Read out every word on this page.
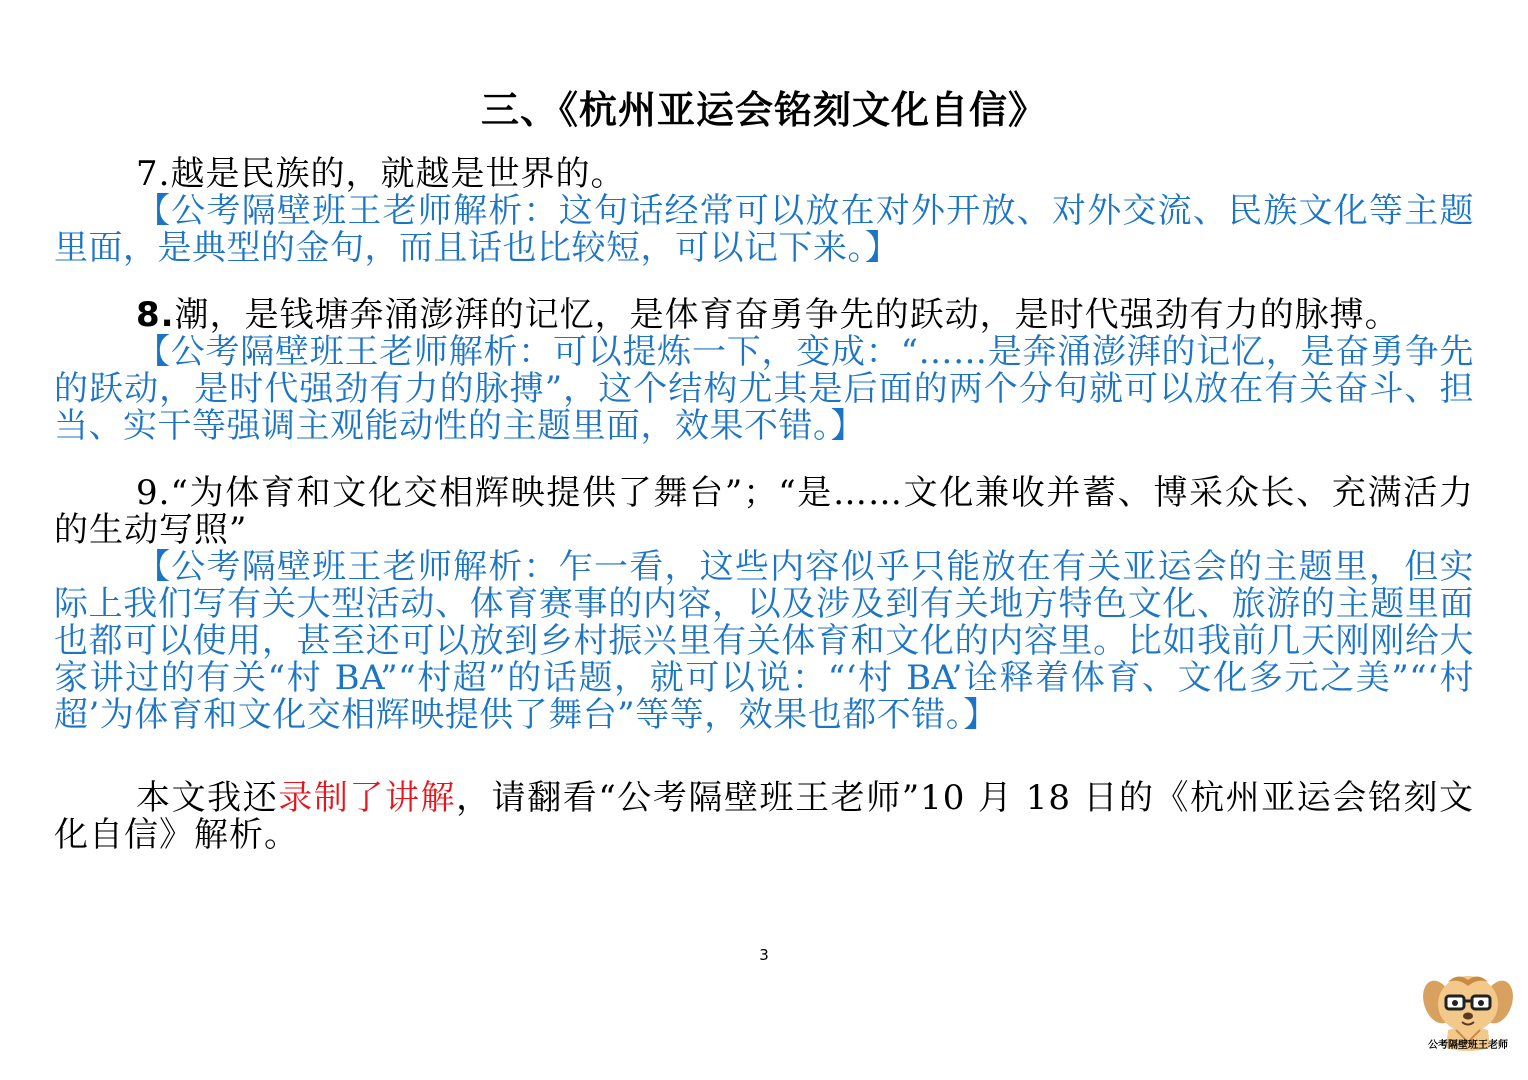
三、《杭州亚运会铭刻文化自信》

7.越是民族的，就越是世界的。

【公考隔壁班王老师解析：这句话经常可以放在对外开放、对外交流、民族文化等主题里面，是典型的金句，而且话也比较短，可以记下来。】

8.潮，是钱塘奔涌澎湃的记忆，是体育奋勇争先的跃动，是时代强劲有力的脉搏。

【公考隔壁班王老师解析：可以提炼一下，变成：“……是奔涌澎湃的记忆，是奋勇争先的跃动，是时代强劲有力的脉搏”，这个结构尤其是后面的两个分句就可以放在有关奋斗、担当、实干等强调主观能动性的主题里面，效果不错。】

9.“为体育和文化交相辉映提供了舞台”；“是……文化兼收并蓄、博采众长、充满活力的生动写照”

【公考隔壁班王老师解析：乍一看，这些内容似乎只能放在有关亚运会的主题里，但实际上我们写有关大型活动、体育赛事的内容，以及涉及到有关地方特色文化、旅游的主题里面也都可以使用，甚至还可以放到乡村振兴里有关体育和文化的内容里。比如我前几天刚刚给大家讲过的有关“村 BA”“村超”的话题，就可以说：“‘村 BA’诠释着体育、文化多元之美”“‘村超’为体育和文化交相辉映提供了舞台”等等，效果也都不错。】

本文我还录制了讲解，请翻看“公考隔壁班王老师”10 月 18 日的《杭州亚运会铭刻文化自信》解析。

3
公考隔壁班王老师
